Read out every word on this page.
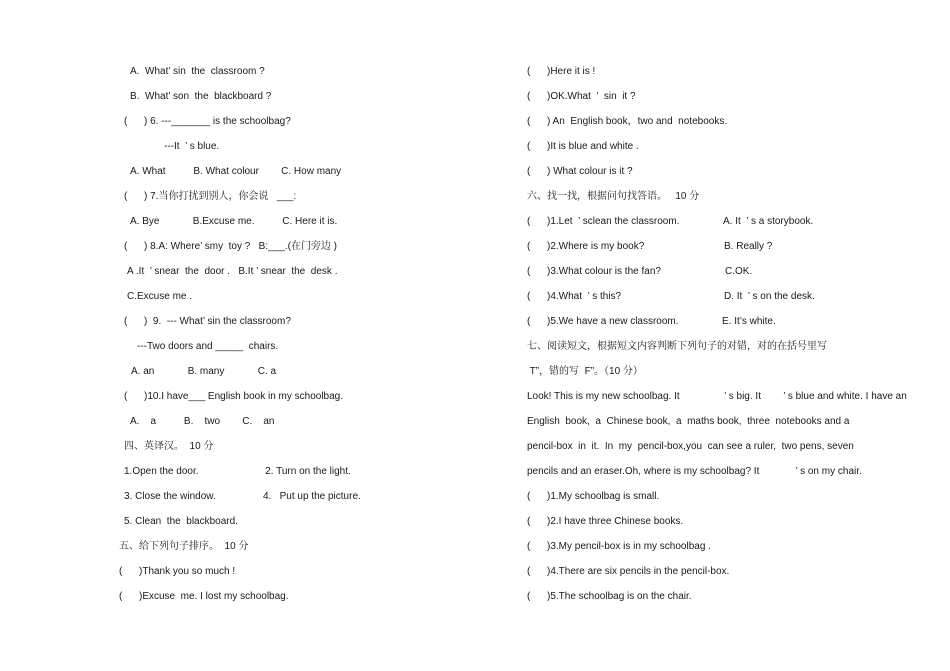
A.  What’ sin  the  classroom ?
B.  What’ son  the  blackboard ?
(      ) 6. ---_______ is the schoolbag?
---It  ’ s blue.
A. What          B. What colour        C. How many
(      ) 7.当你打扰到别人，你会说   ___:
A. Bye            B.Excuse me.          C. Here it is.
(      ) 8.A: Where’ smy  toy ?   B:___.(在门旁边 )
A .It  ’ snear  the  door .   B.It ’ snear  the  desk .
C.Excuse me .
(      )  9.  --- What’ sin the classroom?
---Two doors and _____  chairs.
A. an            B. many            C. a
(      )10.I have___ English book in my schoolbag.
A.    a          B.    two        C.    an
四、英译汉。  10 分
1.Open the door.                        2. Turn on the light.
3. Close the window.                 4.   Put up the picture.
5. Clean  the  blackboard.
五、给下列句子排序。  10 分
(      )Thank you so much !
(      )Excuse  me. I lost my schoolbag.
(      )Here it is !
(      )OK.What  ’  sin  it ?
(      ) An  English book，two and  notebooks.
(      )It is blue and white .
(      ) What colour is it ?
六、找一找，根据问句找答语。   10 分
(      )1.Let  ’ sclean the classroom.	A. It  ’ s a storybook.
(      )2.Where is my book?	B. Really ?
(      )3.What colour is the fan?	C.OK.
(      )4.What  ’ s this?	D. It  ’ s on the desk.
(      )5.We have a new classroom.	E. It’s white.
七、阅读短文，根据短文内容判断下列句子的对错，对的在括号里写
T”，错的写  F”。（10 分）
Look! This is my new schoolbag. It                ’ s big. It        ’ s blue and white. I have an
English  book,  a  Chinese book,  a  maths book,  three  notebooks and a
pencil-box  in  it.  In  my  pencil-box,you  can see a ruler,  two pens, seven
pencils and an eraser.Oh, where is my schoolbag? It             ’ s on my chair.
(      )1.My schoolbag is small.
(      )2.I have three Chinese books.
(      )3.My pencil-box is in my schoolbag .
(      )4.There are six pencils in the pencil-box.
(      )5.The schoolbag is on the chair.
